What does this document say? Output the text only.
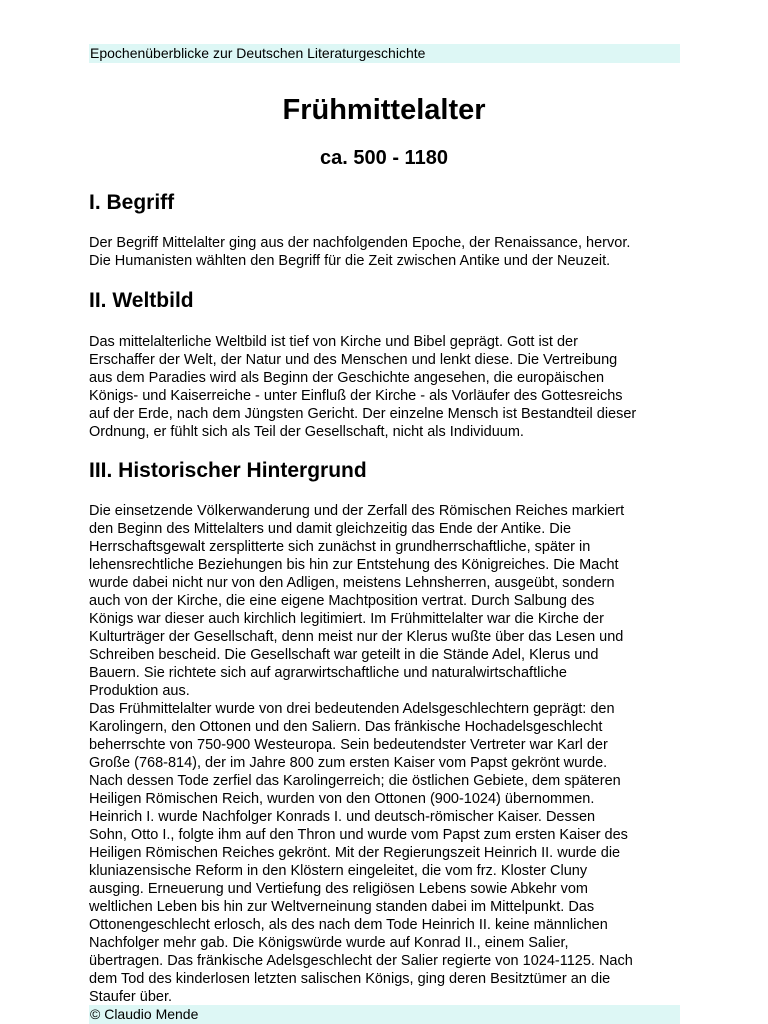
Epochenüberblicke zur Deutschen Literaturgeschichte
Frühmittelalter
ca. 500 - 1180
I. Begriff
Der Begriff Mittelalter ging aus der nachfolgenden Epoche, der Renaissance, hervor.
Die Humanisten wählten den Begriff für die Zeit zwischen Antike und der Neuzeit.
II. Weltbild
Das mittelalterliche Weltbild ist tief von Kirche und Bibel geprägt. Gott ist der
Erschaffer der Welt, der Natur und des Menschen und lenkt diese. Die Vertreibung
aus dem Paradies wird als Beginn der Geschichte angesehen, die europäischen
Königs- und Kaiserreiche - unter Einfluß der Kirche - als Vorläufer des Gottesreichs
auf der Erde, nach dem Jüngsten Gericht. Der einzelne Mensch ist Bestandteil dieser
Ordnung, er fühlt sich als Teil der Gesellschaft, nicht als Individuum.
III. Historischer Hintergrund
Die einsetzende Völkerwanderung und der Zerfall des Römischen Reiches markiert
den Beginn des Mittelalters und damit gleichzeitig das Ende der Antike. Die
Herrschaftsgewalt zersplitterte sich zunächst in grundherrschaftliche, später in
lehensrechtliche Beziehungen bis hin zur Entstehung des Königreiches. Die Macht
wurde dabei nicht nur von den Adligen, meistens Lehnsherren, ausgeübt, sondern
auch von der Kirche, die eine eigene Machtposition vertrat. Durch Salbung des
Königs war dieser auch kirchlich legitimiert. Im Frühmittelalter war die Kirche der
Kulturträger der Gesellschaft, denn meist nur der Klerus wußte über das Lesen und
Schreiben bescheid. Die Gesellschaft war geteilt in die Stände Adel, Klerus und
Bauern. Sie richtete sich auf agrarwirtschaftliche und naturalwirtschaftliche
Produktion aus.
Das Frühmittelalter wurde von drei bedeutenden Adelsgeschlechtern geprägt: den
Karolingern, den Ottonen und den Saliern. Das fränkische Hochadelsgeschlecht
beherrschte von 750-900 Westeuropa. Sein bedeutendster Vertreter war Karl der
Große (768-814), der im Jahre 800 zum ersten Kaiser vom Papst gekrönt wurde.
Nach dessen Tode zerfiel das Karolingerreich; die östlichen Gebiete, dem späteren
Heiligen Römischen Reich, wurden von den Ottonen (900-1024) übernommen.
Heinrich I. wurde Nachfolger Konrads I. und deutsch-römischer Kaiser. Dessen
Sohn, Otto I., folgte ihm auf den Thron und wurde vom Papst zum ersten Kaiser des
Heiligen Römischen Reiches gekrönt. Mit der Regierungszeit Heinrich II. wurde die
kluniazensische Reform in den Klöstern eingeleitet, die vom frz. Kloster Cluny
ausging. Erneuerung und Vertiefung des religiösen Lebens sowie Abkehr vom
weltlichen Leben bis hin zur Weltverneinung standen dabei im Mittelpunkt. Das
Ottonengeschlecht erlosch, als des nach dem Tode Heinrich II. keine männlichen
Nachfolger mehr gab. Die Königswürde wurde auf Konrad II., einem Salier,
übertragen. Das fränkische Adelsgeschlecht der Salier regierte von 1024-1125. Nach
dem Tod des kinderlosen letzten salischen Königs, ging deren Besitztümer an die
Staufer über.
© Claudio Mende
